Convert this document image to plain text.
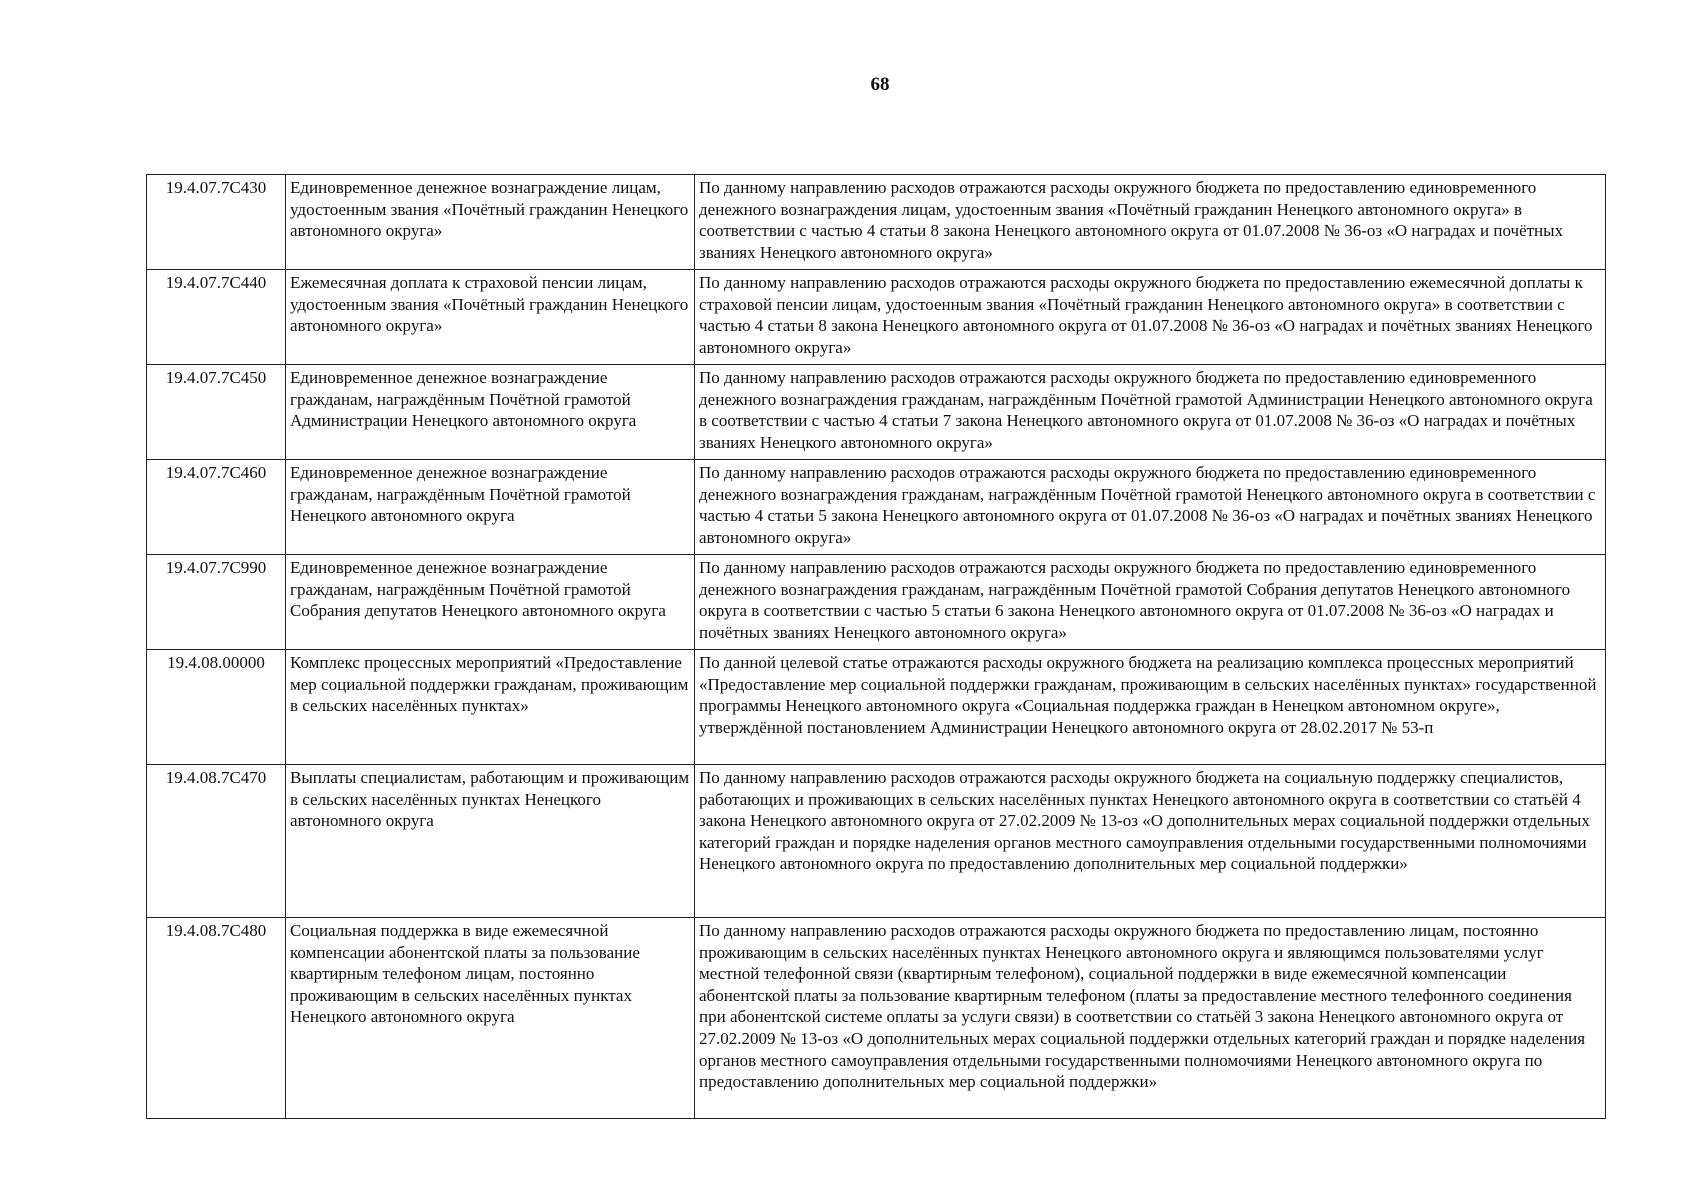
68
19.4.07.7С430	Единовременное денежное вознаграждение лицам, удостоенным звания «Почётный гражданин Ненецкого автономного округа»	По данному направлению расходов отражаются расходы окружного бюджета по предоставлению единовременного денежного вознаграждения лицам, удостоенным звания «Почётный гражданин Ненецкого автономного округа» в соответствии с частью 4 статьи 8 закона Ненецкого автономного округа от 01.07.2008 № 36-оз «О наградах и почётных званиях Ненецкого автономного округа»
19.4.07.7С440	Ежемесячная доплата к страховой пенсии лицам, удостоенным звания «Почётный гражданин Ненецкого автономного округа»	По данному направлению расходов отражаются расходы окружного бюджета по предоставлению ежемесячной доплаты к страховой пенсии лицам, удостоенным звания «Почётный гражданин Ненецкого автономного округа» в соответствии с частью 4 статьи 8 закона Ненецкого автономного округа от 01.07.2008 № 36-оз «О наградах и почётных званиях Ненецкого автономного округа»
19.4.07.7С450	Единовременное денежное вознаграждение гражданам, награждённым Почётной грамотой Администрации Ненецкого автономного округа	По данному направлению расходов отражаются расходы окружного бюджета по предоставлению единовременного денежного вознаграждения гражданам, награждённым Почётной грамотой Администрации Ненецкого автономного округа в соответствии с частью 4 статьи 7 закона Ненецкого автономного округа от 01.07.2008 № 36-оз «О наградах и почётных званиях Ненецкого автономного округа»
19.4.07.7С460	Единовременное денежное вознаграждение гражданам, награждённым Почётной грамотой Ненецкого автономного округа	По данному направлению расходов отражаются расходы окружного бюджета по предоставлению единовременного денежного вознаграждения гражданам, награждённым Почётной грамотой Ненецкого автономного округа в соответствии с частью 4 статьи 5 закона Ненецкого автономного округа от 01.07.2008 № 36-оз «О наградах и почётных званиях Ненецкого автономного округа»
19.4.07.7С990	Единовременное денежное вознаграждение гражданам, награждённым Почётной грамотой Собрания депутатов Ненецкого автономного округа	По данному направлению расходов отражаются расходы окружного бюджета по предоставлению единовременного денежного вознаграждения гражданам, награждённым Почётной грамотой Собрания депутатов Ненецкого автономного округа в соответствии с частью 5 статьи 6 закона Ненецкого автономного округа от 01.07.2008 № 36-оз «О наградах и почётных званиях Ненецкого автономного округа»
19.4.08.00000	Комплекс процессных мероприятий «Предоставление мер социальной поддержки гражданам, проживающим в сельских населённых пунктах»	По данной целевой статье отражаются расходы окружного бюджета на реализацию комплекса процессных мероприятий «Предоставление мер социальной поддержки гражданам, проживающим в сельских населённых пунктах» государственной программы Ненецкого автономного округа «Социальная поддержка граждан в Ненецком автономном округе», утверждённой постановлением Администрации Ненецкого автономного округа от 28.02.2017 № 53-п
19.4.08.7С470	Выплаты специалистам, работающим и проживающим в сельских населённых пунктах Ненецкого автономного округа	По данному направлению расходов отражаются расходы окружного бюджета на социальную поддержку специалистов, работающих и проживающих в сельских населённых пунктах Ненецкого автономного округа в соответствии со статьёй 4 закона Ненецкого автономного округа от 27.02.2009 № 13-оз «О дополнительных мерах социальной поддержки отдельных категорий граждан и порядке наделения органов местного самоуправления отдельными государственными полномочиями Ненецкого автономного округа по предоставлению дополнительных мер социальной поддержки»
19.4.08.7С480	Социальная поддержка в виде ежемесячной компенсации абонентской платы за пользование квартирным телефоном лицам, постоянно проживающим в сельских населённых пунктах Ненецкого автономного округа	По данному направлению расходов отражаются расходы окружного бюджета по предоставлению лицам, постоянно проживающим в сельских населённых пунктах Ненецкого автономного округа и являющимся пользователями услуг местной телефонной связи (квартирным телефоном), социальной поддержки в виде ежемесячной компенсации абонентской платы за пользование квартирным телефоном (платы за предоставление местного телефонного соединения при абонентской системе оплаты за услуги связи) в соответствии со статьёй 3 закона Ненецкого автономного округа от 27.02.2009 № 13-оз «О дополнительных мерах социальной поддержки отдельных категорий граждан и порядке наделения органов местного самоуправления отдельными государственными полномочиями Ненецкого автономного округа по предоставлению дополнительных мер социальной поддержки»
